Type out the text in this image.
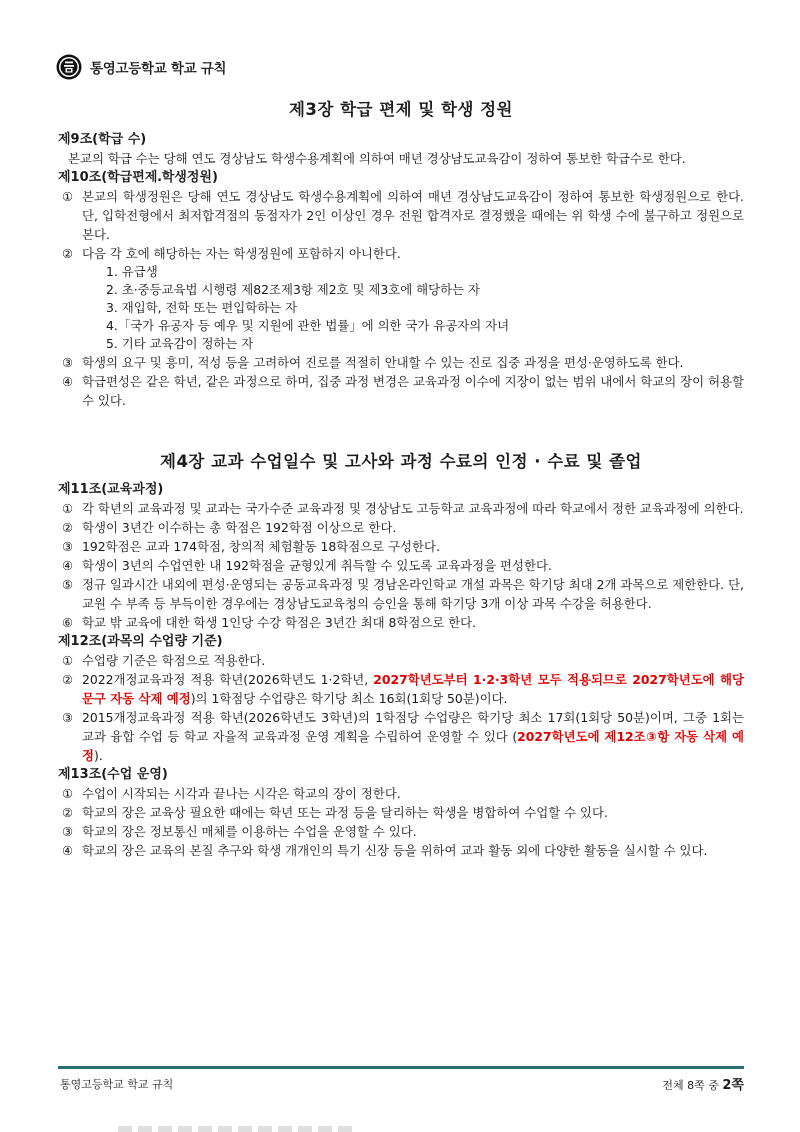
통영고등학교 학교 규칙
제3장 학급 편제 및 학생 정원
제9조(학급 수)
본교의 학급 수는 당해 연도 경상남도 학생수용계획에 의하여 매년 경상남도교육감이 정하여 통보한 학급수로 한다.
제10조(학급편제․학생정원)
① 본교의 학생정원은 당해 연도 경상남도 학생수용계획에 의하여 매년 경상남도교육감이 정하여 통보한 학생정원으로 한다. 단, 입학전형에서 최저합격점의 동점자가 2인 이상인 경우 전원 합격자로 결정했을 때에는 위 학생 수에 불구하고 정원으로 본다.
② 다음 각 호에 해당하는 자는 학생정원에 포함하지 아니한다.
1. 유급생
2. 초·중등교육법 시행령 제82조제3항 제2호 및 제3호에 해당하는 자
3. 재입학, 전학 또는 편입학하는 자
4.「국가 유공자 등 예우 및 지원에 관한 법률」에 의한 국가 유공자의 자녀
5. 기타 교육감이 정하는 자
③ 학생의 요구 및 흥미, 적성 등을 고려하여 진로를 적절히 안내할 수 있는 진로 집중 과정을 편성·운영하도록 한다.
④ 학급편성은 같은 학년, 같은 과정으로 하며, 집중 과정 변경은 교육과정 이수에 지장이 없는 범위 내에서 학교의 장이 허용할 수 있다.
제4장 교과 수업일수 및 고사와 과정 수료의 인정 · 수료 및 졸업
제11조(교육과정)
① 각 학년의 교육과정 및 교과는 국가수준 교육과정 및 경상남도 고등학교 교육과정에 따라 학교에서 정한 교육과정에 의한다.
② 학생이 3년간 이수하는 총 학점은 192학점 이상으로 한다.
③ 192학점은 교과 174학점, 창의적 체험활동 18학점으로 구성한다.
④ 학생이 3년의 수업연한 내 192학점을 균형있게 취득할 수 있도록 교육과정을 편성한다.
⑤ 정규 일과시간 내외에 편성·운영되는 공동교육과정 및 경남온라인학교 개설 과목은 학기당 최대 2개 과목으로 제한한다. 단, 교원 수 부족 등 부득이한 경우에는 경상남도교육청의 승인을 통해 학기당 3개 이상 과목 수강을 허용한다.
⑥ 학교 밖 교육에 대한 학생 1인당 수강 학점은 3년간 최대 8학점으로 한다.
제12조(과목의 수업량 기준)
① 수업량 기준은 학점으로 적용한다.
② 2022개정교육과정 적용 학년(2026학년도 1·2학년, 2027학년도부터 1·2·3학년 모두 적용되므로 2027학년도에 해당 문구 자동 삭제 예정)의 1학점당 수업량은 학기당 최소 16회(1회당 50분)이다.
③ 2015개정교육과정 적용 학년(2026학년도 3학년)의 1학점당 수업량은 학기당 최소 17회(1회당 50분)이며, 그중 1회는 교과 융합 수업 등 학교 자율적 교육과정 운영 계획을 수립하여 운영할 수 있다 (2027학년도에 제12조③항 자동 삭제 예정).
제13조(수업 운영)
① 수업이 시작되는 시각과 끝나는 시각은 학교의 장이 정한다.
② 학교의 장은 교육상 필요한 때에는 학년 또는 과정 등을 달리하는 학생을 병합하여 수업할 수 있다.
③ 학교의 장은 정보통신 매체를 이용하는 수업을 운영할 수 있다.
④ 학교의 장은 교육의 본질 추구와 학생 개개인의 특기 신장 등을 위하여 교과 활동 외에 다양한 활동을 실시할 수 있다.
통영고등학교 학교 규칙	전체 8쪽 중 2쪽
